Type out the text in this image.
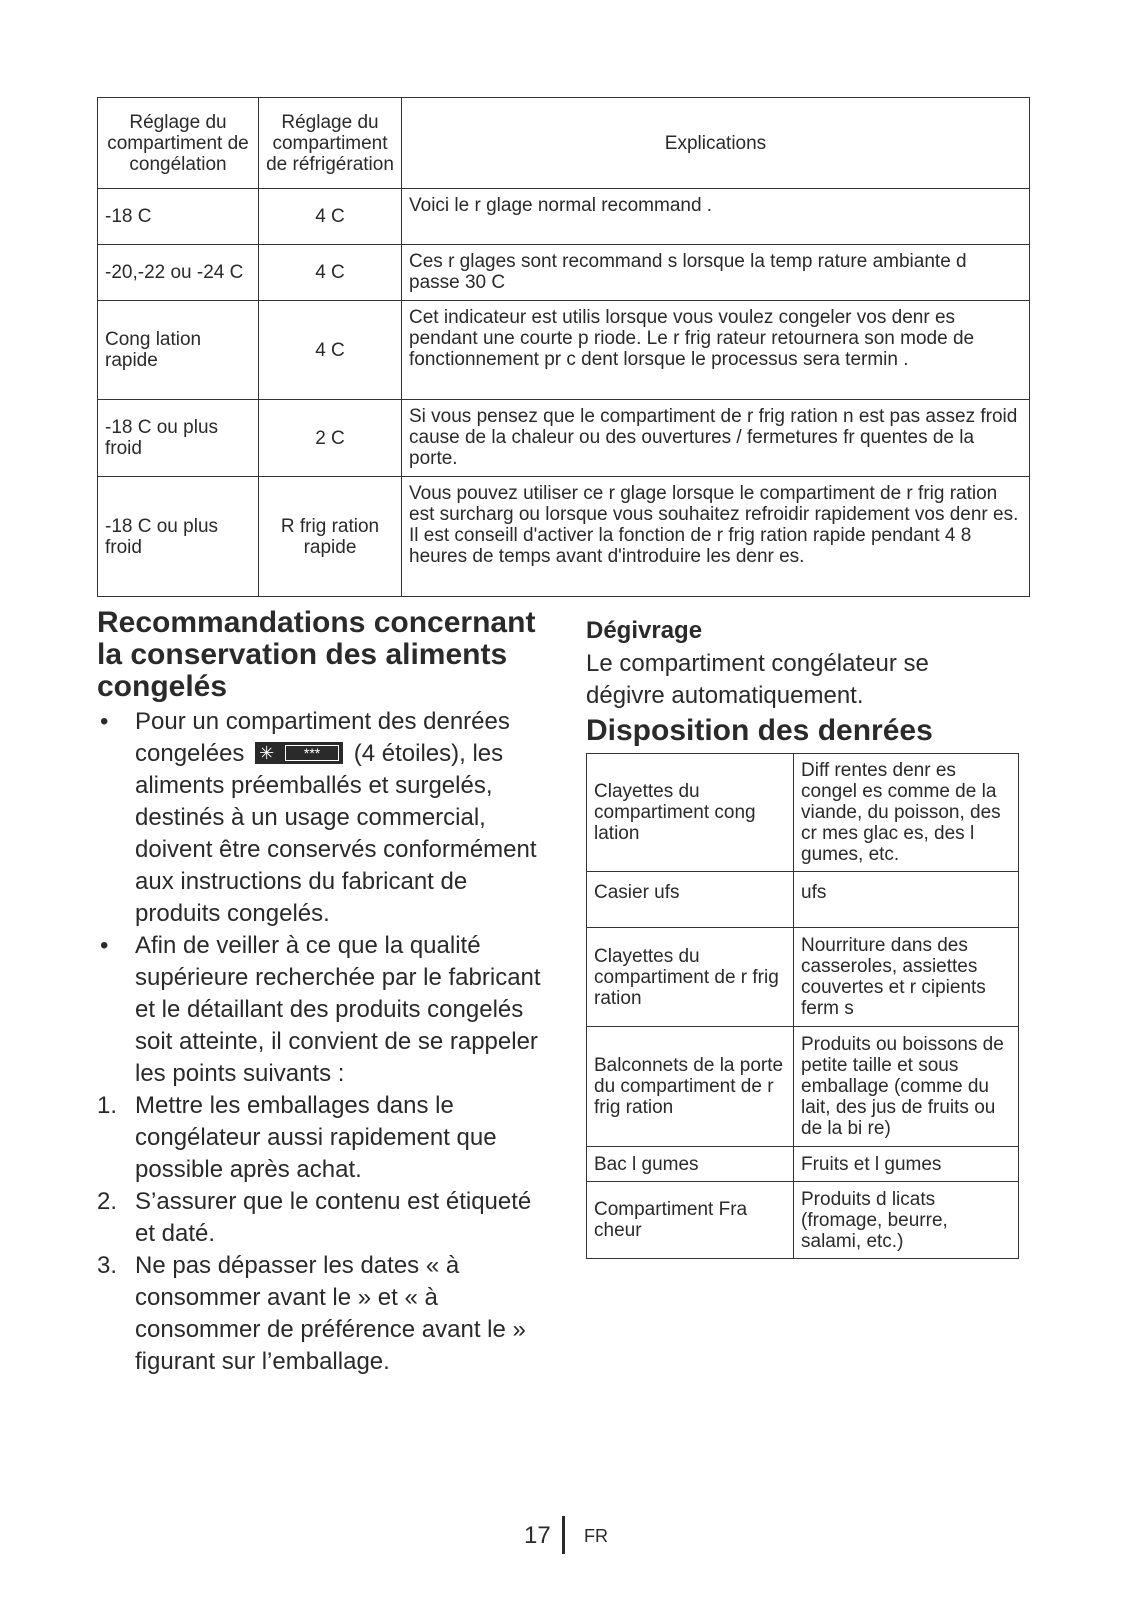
Réglage du compartiment de congélation	Réglage du compartiment de réfrigération	Explications
-18 C	4 C	Voici le r glage normal recommand .
-20,-22 ou -24 C	4 C	Ces r glages sont recommand s lorsque la temp rature ambiante d passe 30 C
Cong lation rapide	4 C	Cet indicateur est utilis lorsque vous voulez congeler vos denr es pendant une courte p riode. Le r frig rateur retournera son mode de fonctionnement pr c dent lorsque le processus sera termin .
-18 C ou plus froid	2 C	Si vous pensez que le compartiment de r frig ration n est pas assez froid cause de la chaleur ou des ouvertures / fermetures fr quentes de la porte.
-18 C ou plus froid	R frig ration rapide	Vous pouvez utiliser ce r glage lorsque le compartiment de r frig ration est surcharg ou lorsque vous souhaitez refroidir rapidement vos denr es. Il est conseill d'activer la fonction de r frig ration rapide pendant 4 8 heures de temps avant d'introduire les denr es.
Recommandations concernant la conservation des aliments congelés
•	Pour un compartiment des denrées congelées ✳	***	(4 étoiles), les aliments préemballés et surgelés, destinés à un usage commercial, doivent être conservés conformément aux instructions du fabricant de produits congelés.
•	Afin de veiller à ce que la qualité supérieure recherchée par le fabricant et le détaillant des produits congelés soit atteinte, il convient de se rappeler les points suivants :
1. Mettre les emballages dans le congélateur aussi rapidement que possible après achat.
2. S’assurer que le contenu est étiqueté et daté.
3. Ne pas dépasser les dates « à consommer avant le » et « à consommer de préférence avant le » figurant sur l’emballage.
Dégivrage

Le compartiment congélateur se dégivre automatiquement.

Disposition des denrées
Clayettes du compartiment cong lation	Diff rentes denr es congel es comme de la viande, du poisson, des cr mes glac es, des l gumes, etc.
Casier ufs	ufs
Clayettes du compartiment de r frig ration	Nourriture dans des casseroles, assiettes couvertes et r cipients ferm s
Balconnets de la porte du compartiment de r frig ration	Produits ou boissons de petite taille et sous emballage (comme du lait, des jus de fruits ou de la bi re)
Bac l gumes	Fruits et l gumes
Compartiment Fra cheur	Produits d licats (fromage, beurre, salami, etc.)
17 FR
